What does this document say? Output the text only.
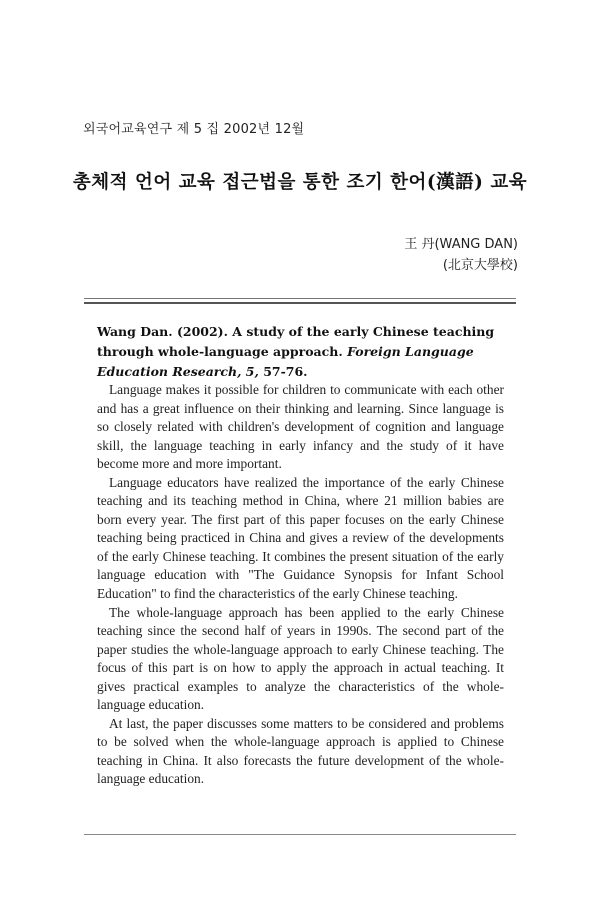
외국어교육연구 제 5 집 2002년 12월
총체적 언어 교육 접근법을 통한 조기 한어(漢語) 교육
王 丹(WANG DAN)
(北京大學校)
Wang Dan. (2002). A study of the early Chinese teaching through whole-language approach. Foreign Language Education Research, 5, 57-76.

Language makes it possible for children to communicate with each other and has a great influence on their thinking and learning. Since language is so closely related with children's development of cognition and language skill, the language teaching in early infancy and the study of it have become more and more important.

Language educators have realized the importance of the early Chinese teaching and its teaching method in China, where 21 million babies are born every year. The first part of this paper focuses on the early Chinese teaching being practiced in China and gives a review of the developments of the early Chinese teaching. It combines the present situation of the early language education with "The Guidance Synopsis for Infant School Education" to find the characteristics of the early Chinese teaching.

The whole-language approach has been applied to the early Chinese teaching since the second half of years in 1990s. The second part of the paper studies the whole-language approach to early Chinese teaching. The focus of this part is on how to apply the approach in actual teaching. It gives practical examples to analyze the characteristics of the whole-language education.

At last, the paper discusses some matters to be considered and problems to be solved when the whole-language approach is applied to Chinese teaching in China. It also forecasts the future development of the whole-language education.
